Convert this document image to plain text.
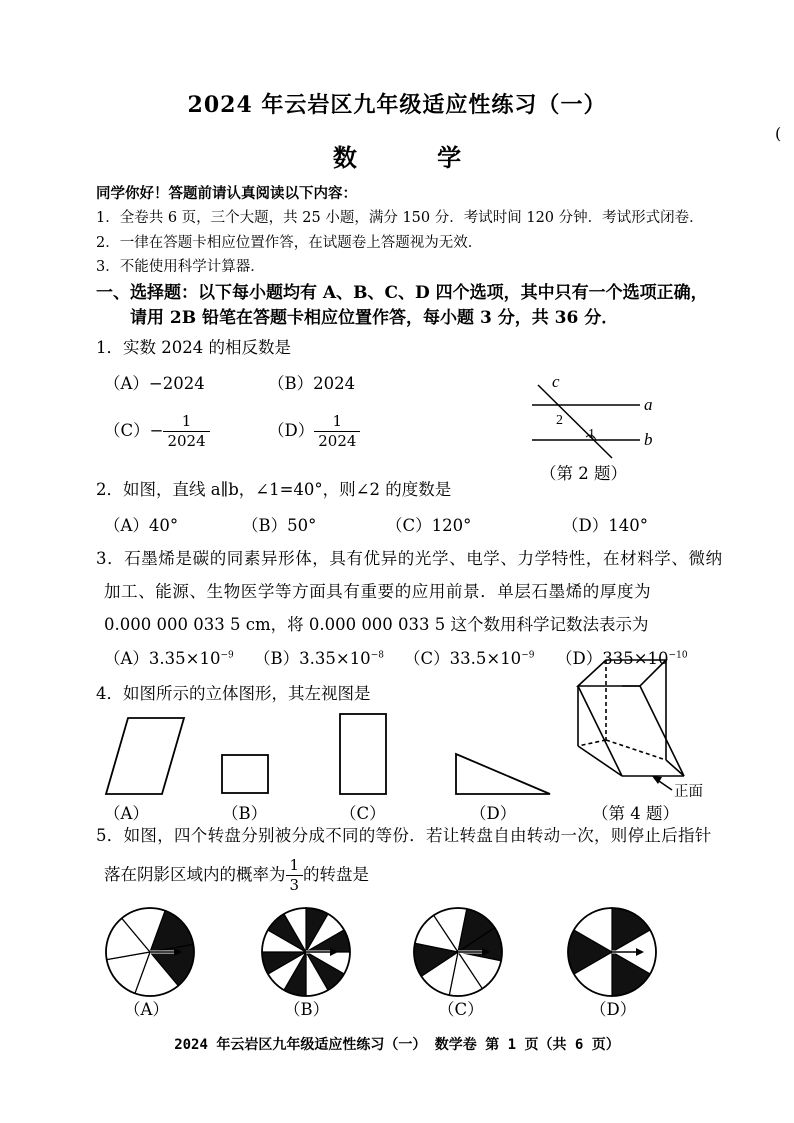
2024 年云岩区九年级适应性练习（一）
(
数 学
同学你好！答题前请认真阅读以下内容：
1．全卷共 6 页，三个大题，共 25 小题，满分 150 分．考试时间 120 分钟．考试形式闭卷．
2．一律在答题卡相应位置作答，在试题卷上答题视为无效．
3．不能使用科学计算器．
一、选择题：以下每小题均有 A、B、C、D 四个选项，其中只有一个选项正确，
请用 2B 铅笔在答题卡相应位置作答，每小题 3 分，共 36 分．
1．实数 2024 的相反数是
（A）−2024	（B）2024
$(C)- \frac{1}{2024}$	$(D) \frac{1}{2024}$
c
a
b
2
1
（第 2 题）
2．如图，直线 a∥b，∠1=40°，则∠2 的度数是
（A）40°	（B）50°	（C）120°	（D）140°
3．石墨烯是碳的同素异形体，具有优异的光学、电学、力学特性，在材料学、微纳
加工、能源、生物医学等方面具有重要的应用前景．单层石墨烯的厚度为
0.000 000 033 5 cm，将 0.000 000 033 5 这个数用科学记数法表示为
$(A)3.35\times 10^{-9}$ $(B)3.35\times 10^{-8}$ $(C)33.5\times 10^{-9}$ $(D)335\times 10^{-10}$
4．如图所示的立体图形，其左视图是
正面
（A）	（B）	（C）	（D）	（第 4 题）
5．如图，四个转盘分别被分成不同的等份．若让转盘自由转动一次，则停止后指针
落在阴影区域内的概率为 $\frac{1}{3}$ 的转盘是
（A）	（B）	（C）	（D）
2024 年云岩区九年级适应性练习（一） 数学卷 第 1 页（共 6 页）
